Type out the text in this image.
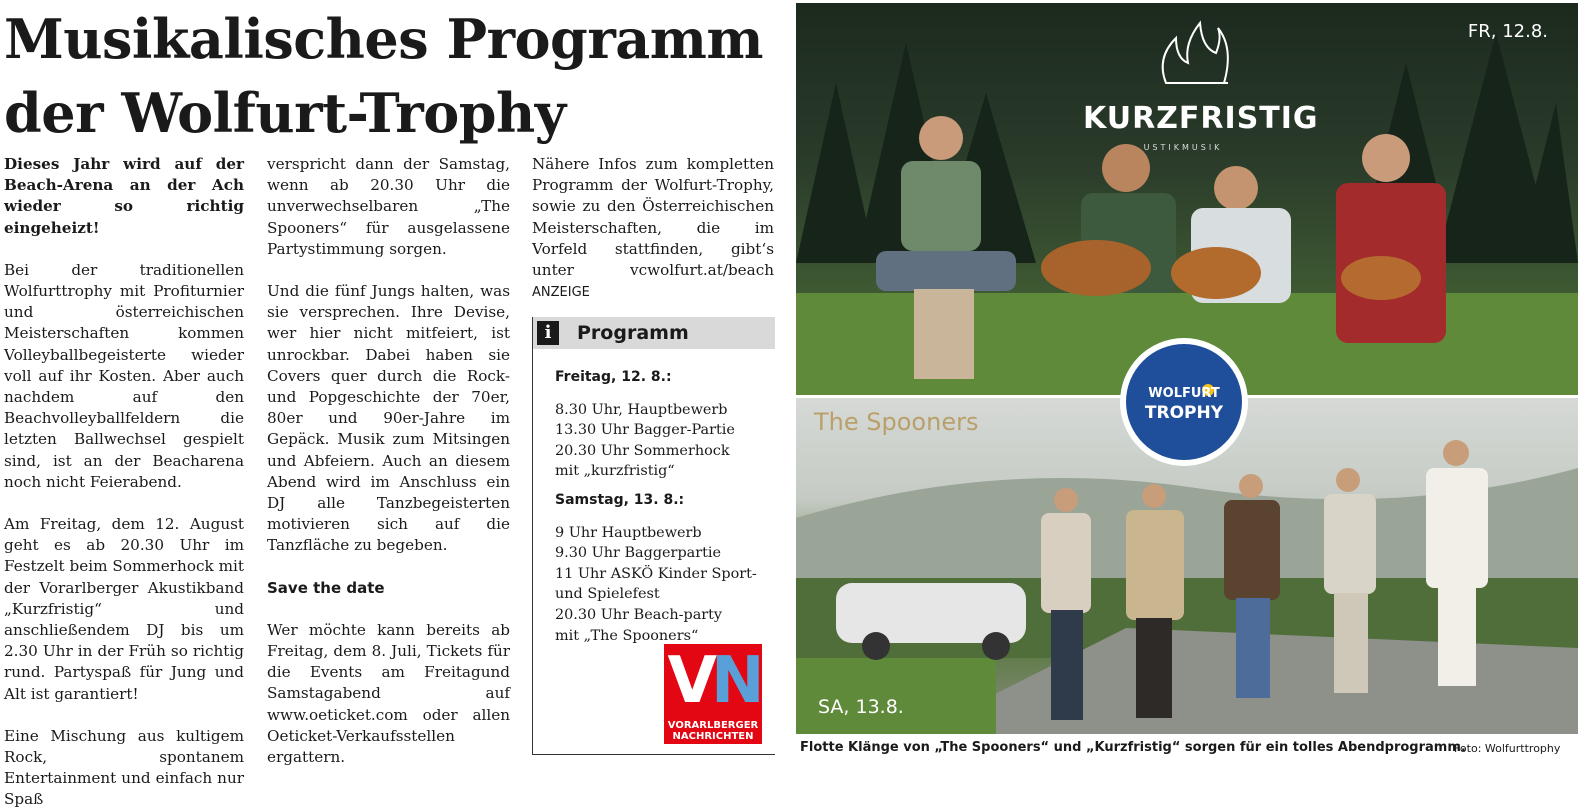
Musikalisches Programm
der Wolfurt-Trophy

Dieses Jahr wird auf der Beach-Arena an der Ach wieder so richtig eingeheizt!

Bei der traditionellen Wolfurttrophy mit Profiturnier und österreichischen Meisterschaften kommen Volleyballbegeisterte wieder voll auf ihr Kosten. Aber auch nachdem auf den Beachvolleyballfeldern die letzten Ballwechsel gespielt sind, ist an der Beacharena noch nicht Feierabend.

Am Freitag, dem 12. August geht es ab 20.30 Uhr im Festzelt beim Sommerhock mit der Vorarlberger Akustikband „Kurzfristig“ und anschließendem DJ bis um 2.30 Uhr in der Früh so richtig rund. Partyspaß für Jung und Alt ist garantiert!

Eine Mischung aus kultigem Rock, spontanem Entertainment und einfach nur Spaß

verspricht dann der Samstag, wenn ab 20.30 Uhr die unverwechselbaren „The Spooners“ für ausgelassene Partystimmung sorgen.

Und die fünf Jungs halten, was sie versprechen. Ihre Devise, wer hier nicht mitfeiert, ist unrockbar. Dabei haben sie Covers quer durch die Rock- und Popgeschichte der 70er, 80er und 90er-Jahre im Gepäck. Musik zum Mitsingen und Abfeiern. Auch an diesem Abend wird im Anschluss ein DJ alle Tanzbegeisterten motivieren sich auf die Tanzfläche zu begeben.

Save the date

Wer möchte kann bereits ab Freitag, dem 8. Juli, Tickets für die Events am Freitagund Samstagabend auf www.oeticket.com oder allen Oeticket-Verkaufsstellen ergattern.

Nähere Infos zum kompletten Programm der Wolfurt-Trophy, sowie zu den Österreichischen Meisterschaften, die im Vorfeld stattfinden, gibt‘s unter vcwolfurt.at/beach ANZEIGE

i	Programm

Freitag, 12. 8.:

8.30 Uhr, Hauptbewerb
13.30 Uhr Bagger-Partie
20.30 Uhr Sommerhock
mit „kurzfristig“

Samstag, 13. 8.:

9 Uhr Hauptbewerb
9.30 Uhr Baggerpartie
11 Uhr ASKÖ Kinder Sport-
und Spielefest
20.30 Uhr Beach-party
mit „The Spooners“

VN
VORARLBERGER
NACHRICHTEN
FR, 12.8.
KURZFRISTIG
USTIKMUSIK
The Spooners
SA, 13.8.
WOLFURT
TROPHY
Flotte Klänge von „The Spooners“ und „Kurzfristig“ sorgen für ein tolles Abendprogramm.
Foto: Wolfurttrophy
